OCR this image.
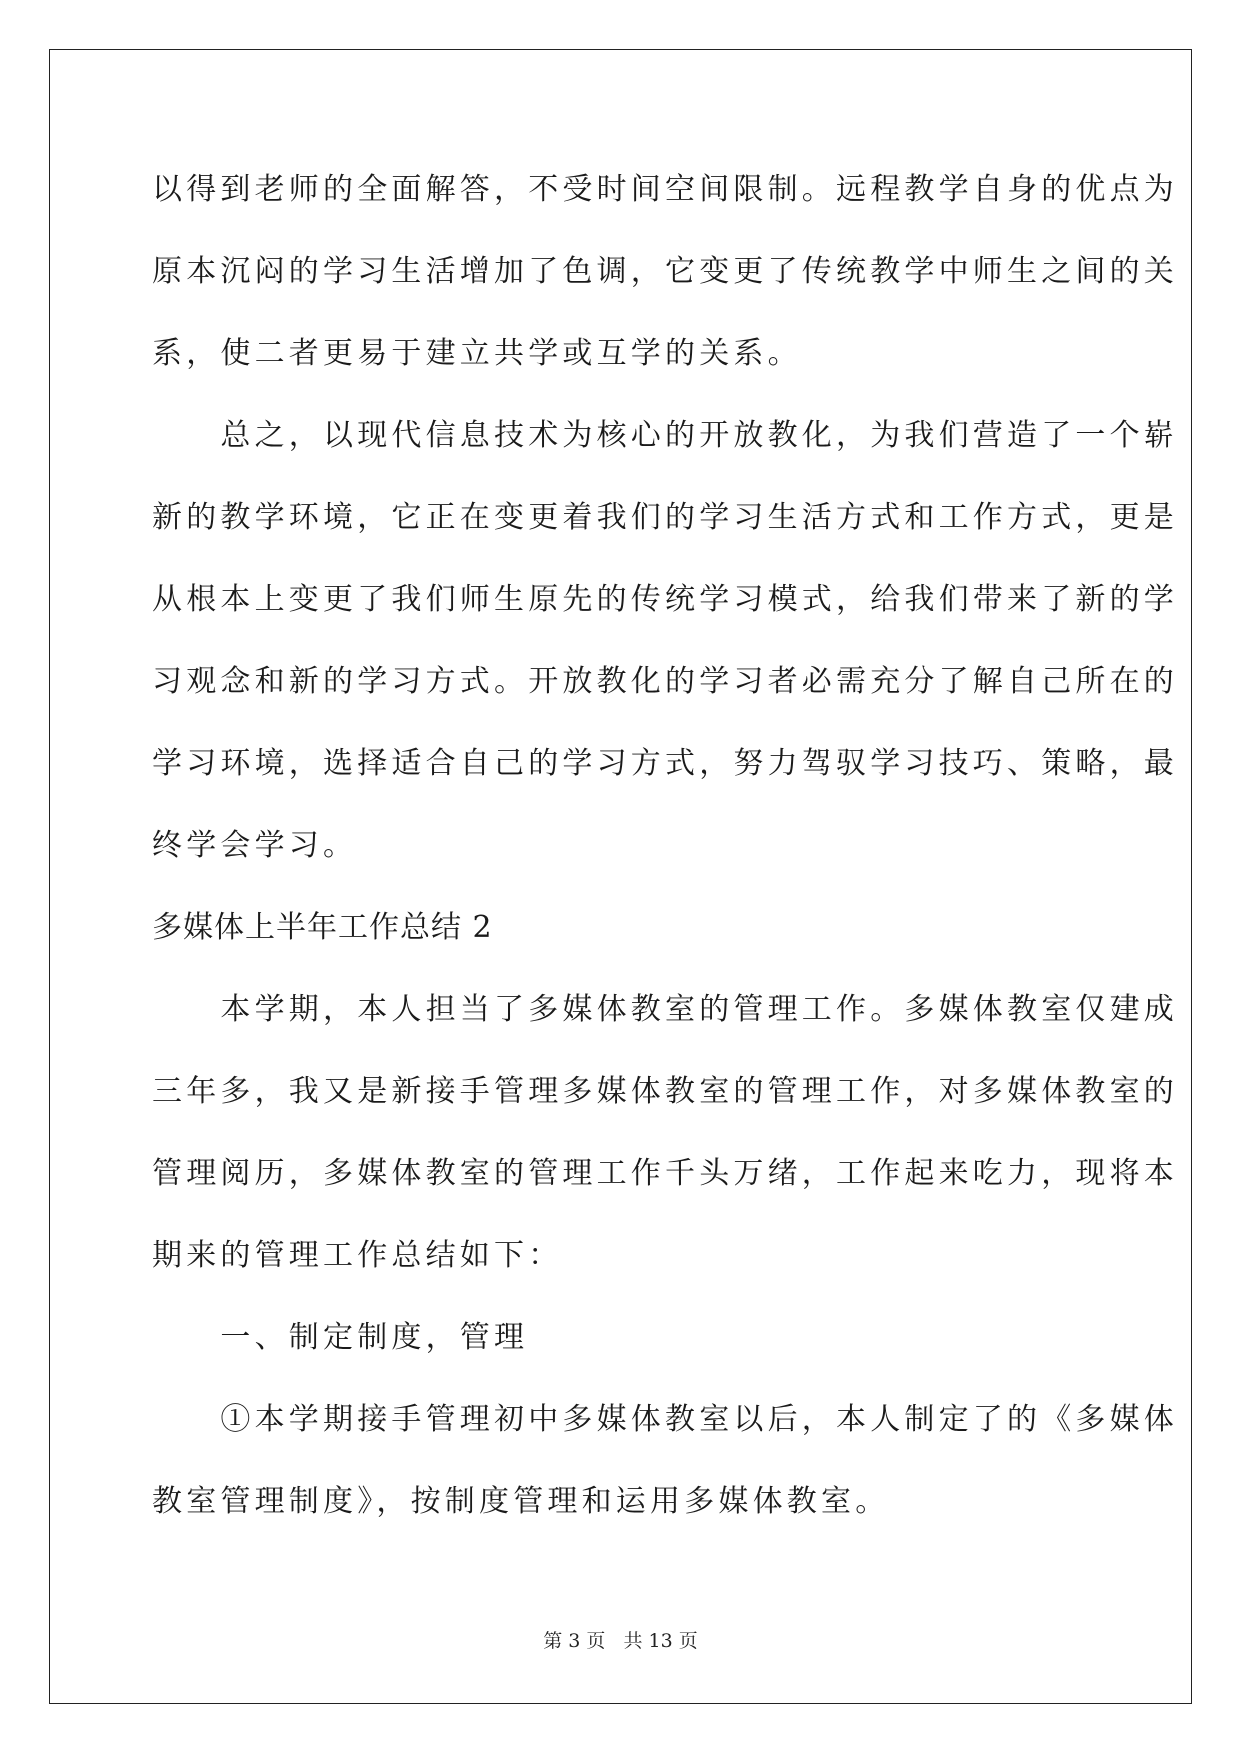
以得到老师的全面解答，不受时间空间限制。远程教学自身的优点为
原本沉闷的学习生活增加了色调，它变更了传统教学中师生之间的关
系，使二者更易于建立共学或互学的关系。
　　总之，以现代信息技术为核心的开放教化，为我们营造了一个崭
新的教学环境，它正在变更着我们的学习生活方式和工作方式，更是
从根本上变更了我们师生原先的传统学习模式，给我们带来了新的学
习观念和新的学习方式。开放教化的学习者必需充分了解自己所在的
学习环境，选择适合自己的学习方式，努力驾驭学习技巧、策略，最
终学会学习。
多媒体上半年工作总结 2
　　本学期，本人担当了多媒体教室的管理工作。多媒体教室仅建成
三年多，我又是新接手管理多媒体教室的管理工作，对多媒体教室的
管理阅历，多媒体教室的管理工作千头万绪，工作起来吃力，现将本
期来的管理工作总结如下：
　　一、制定制度，管理
　　①本学期接手管理初中多媒体教室以后，本人制定了的《多媒体
教室管理制度》，按制度管理和运用多媒体教室。
第 3 页 共 13 页
